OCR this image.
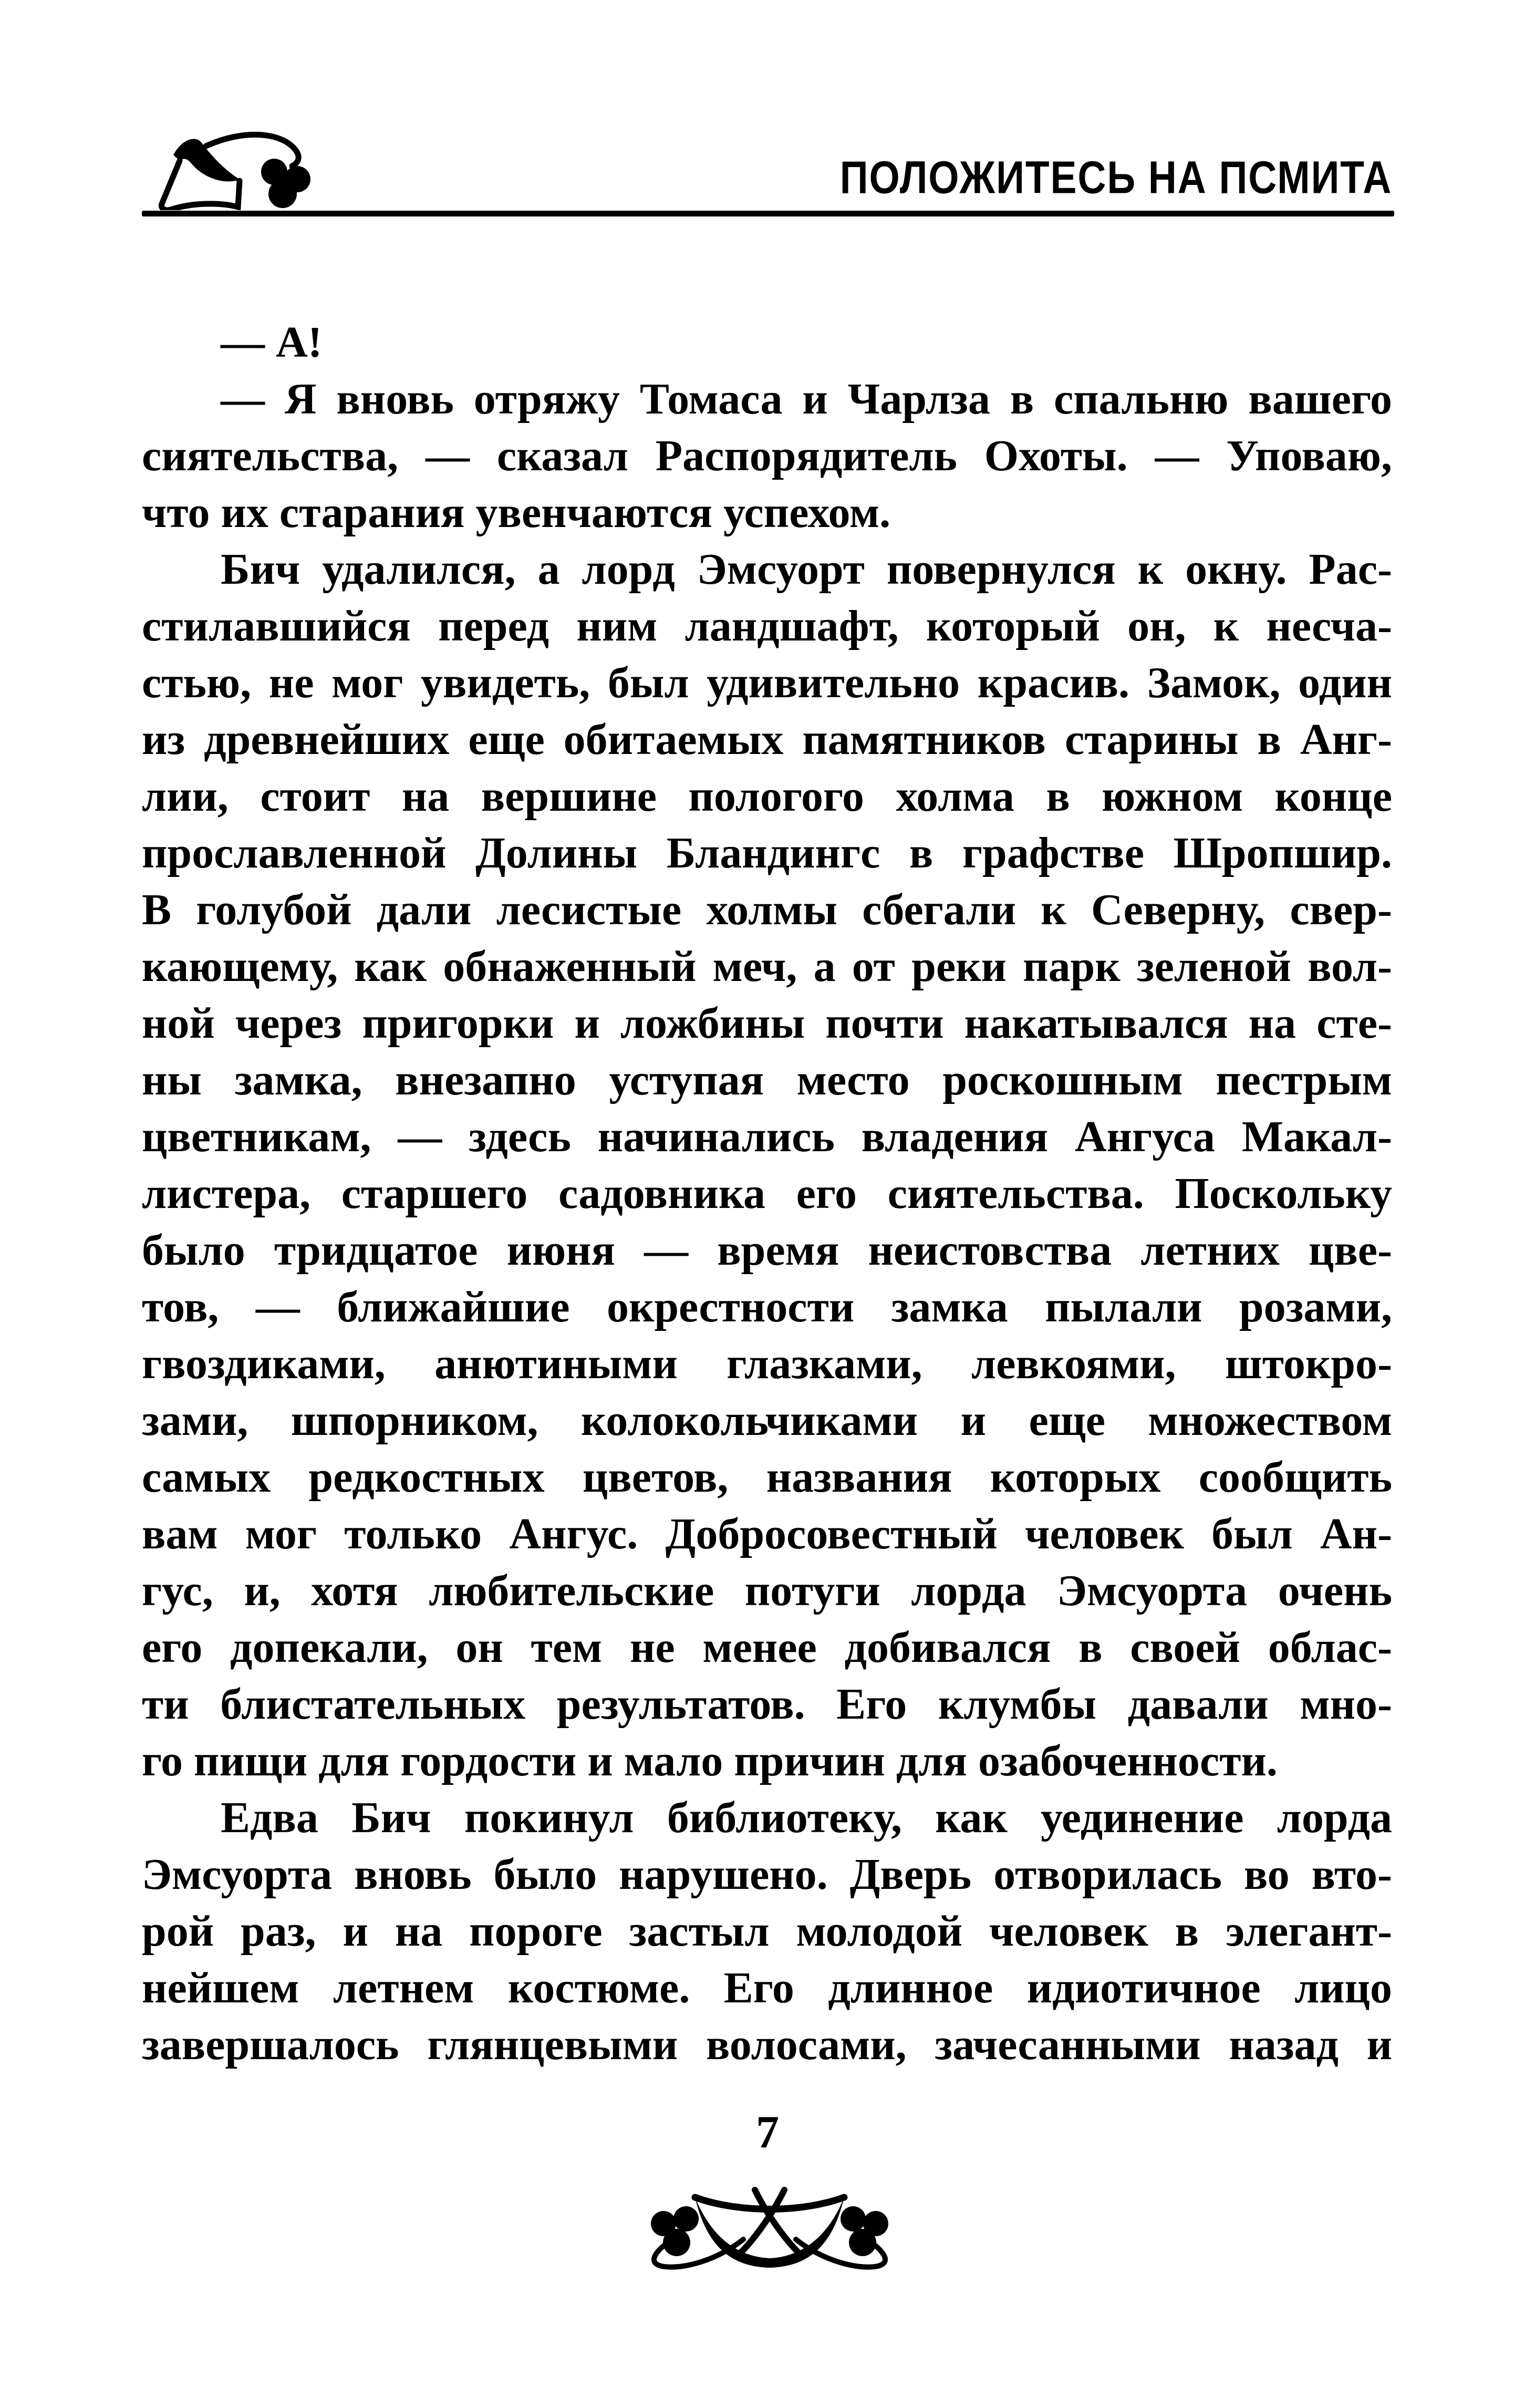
ПОЛОЖИТЕСЬ НА ПСМИТА
— А!
— Я вновь отряжу Томаса и Чарлза в спальню вашего
сиятельства, — сказал Распорядитель Охоты. — Уповаю,
что их старания увенчаются успехом.
Бич удалился, а лорд Эмсуорт повернулся к окну. Рас-
стилавшийся перед ним ландшафт, который он, к несча-
стью, не мог увидеть, был удивительно красив. Замок, один
из древнейших еще обитаемых памятников старины в Анг-
лии, стоит на вершине пологого холма в южном конце
прославленной Долины Бландингс в графстве Шропшир.
В голубой дали лесистые холмы сбегали к Северну, свер-
кающему, как обнаженный меч, а от реки парк зеленой вол-
ной через пригорки и ложбины почти накатывался на сте-
ны замка, внезапно уступая место роскошным пестрым
цветникам, — здесь начинались владения Ангуса Макал-
листера, старшего садовника его сиятельства. Поскольку
было тридцатое июня — время неистовства летних цве-
тов, — ближайшие окрестности замка пылали розами,
гвоздиками, анютиными глазками, левкоями, штокро-
зами, шпорником, колокольчиками и еще множеством
самых редкостных цветов, названия которых сообщить
вам мог только Ангус. Добросовестный человек был Ан-
гус, и, хотя любительские потуги лорда Эмсуорта очень
его допекали, он тем не менее добивался в своей облас-
ти блистательных результатов. Его клумбы давали мно-
го пищи для гордости и мало причин для озабоченности.
Едва Бич покинул библиотеку, как уединение лорда
Эмсуорта вновь было нарушено. Дверь отворилась во вто-
рой раз, и на пороге застыл молодой человек в элегант-
нейшем летнем костюме. Его длинное идиотичное лицо
завершалось глянцевыми волосами, зачесанными назад и
7
